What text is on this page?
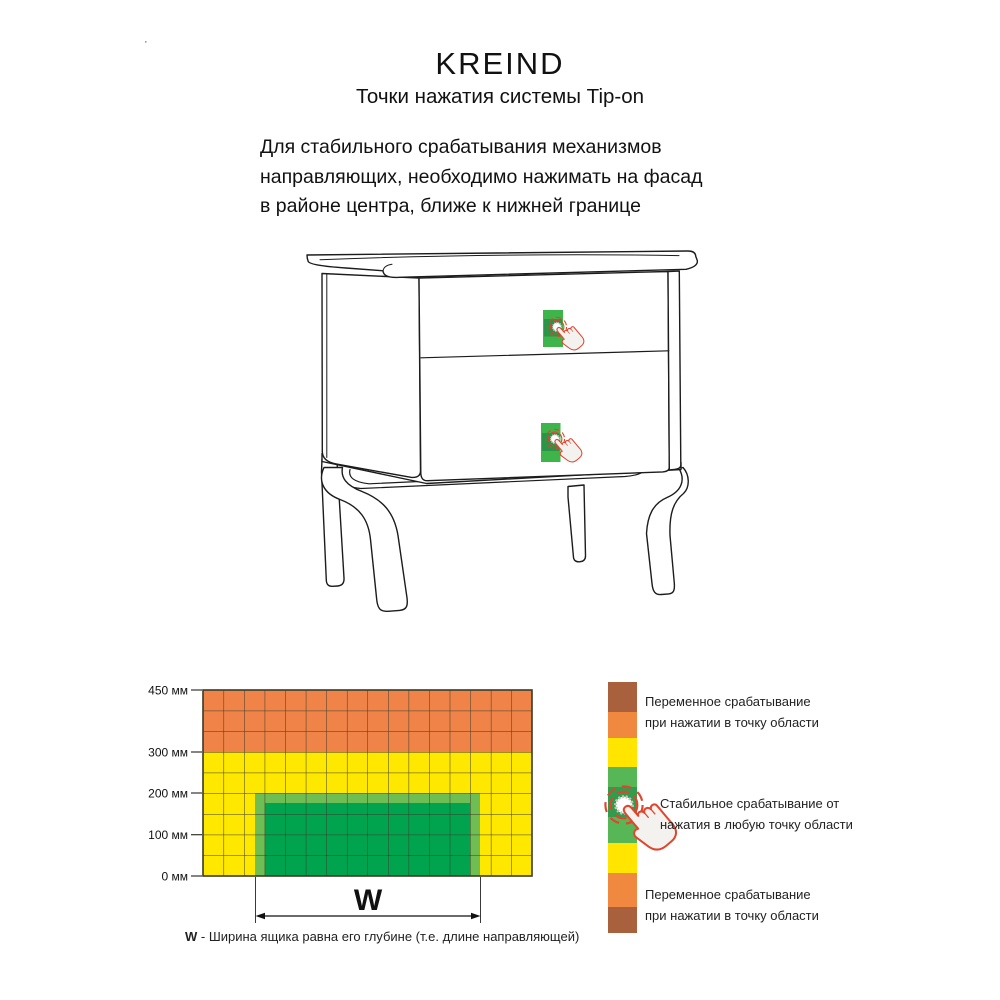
·
KREIND
Точки нажатия системы Tip-on
Для стабильного срабатывания механизмов
направляющих, необходимо нажимать на фасад
в районе центра, ближе к нижней границе
450 мм
300 мм
200 мм
100 мм
0 мм
W
W - Ширина ящика равна его глубине (т.е. длине направляющей)
Переменное срабатывание
при нажатии в точку области
Стабильное срабатывание от
нажатия в любую точку области
Переменное срабатывание
при нажатии в точку области
